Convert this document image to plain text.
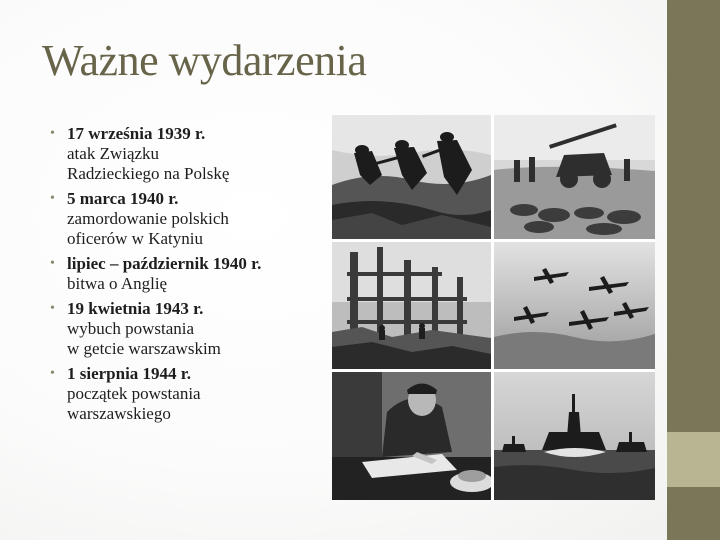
Ważne wydarzenia
• 17 września 1939 r.
atak Związku
Radzieckiego na Polskę
• 5 marca 1940 r.
zamordowanie polskich
oficerów w Katyniu
• lipiec – październik 1940 r.
bitwa o Anglię
• 19 kwietnia 1943 r.
wybuch powstania
w getcie warszawskim
• 1 sierpnia 1944 r.
początek powstania
warszawskiego
